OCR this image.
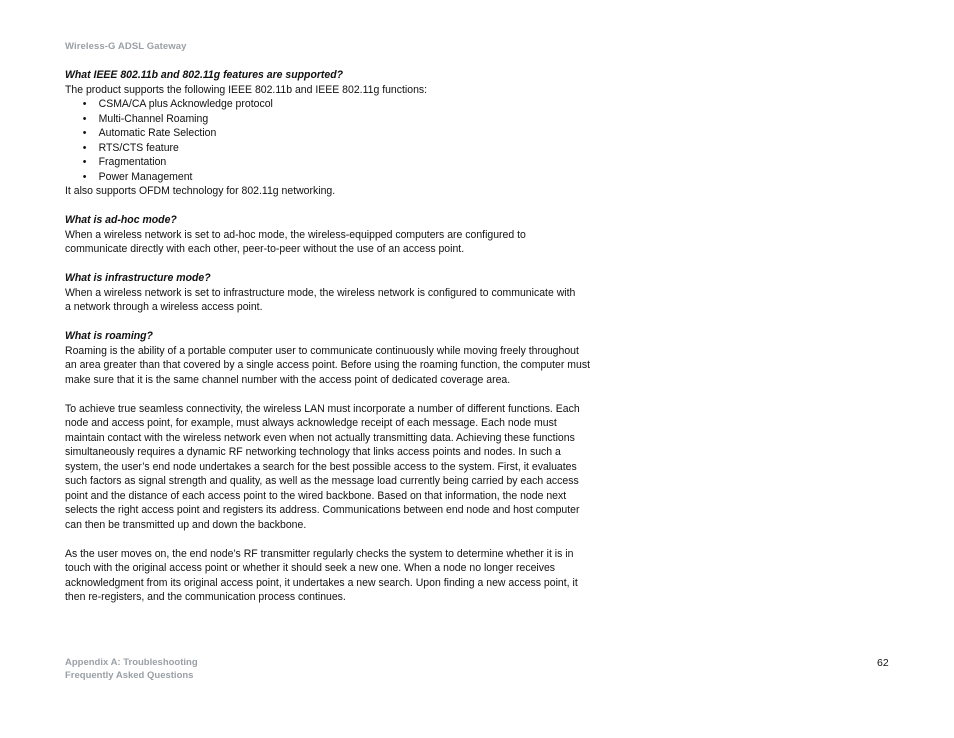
Wireless-G ADSL Gateway

What IEEE 802.11b and 802.11g features are supported?

The product supports the following IEEE 802.11b and IEEE 802.11g functions:

• CSMA/CA plus Acknowledge protocol
• Multi-Channel Roaming
• Automatic Rate Selection
• RTS/CTS feature
• Fragmentation
• Power Management

It also supports OFDM technology for 802.11g networking.

What is ad-hoc mode?

When a wireless network is set to ad-hoc mode, the wireless-equipped computers are configured to

communicate directly with each other, peer-to-peer without the use of an access point.

What is infrastructure mode?

When a wireless network is set to infrastructure mode, the wireless network is configured to communicate with

a network through a wireless access point.

What is roaming?

Roaming is the ability of a portable computer user to communicate continuously while moving freely throughout

an area greater than that covered by a single access point. Before using the roaming function, the computer must

make sure that it is the same channel number with the access point of dedicated coverage area.

To achieve true seamless connectivity, the wireless LAN must incorporate a number of different functions. Each

node and access point, for example, must always acknowledge receipt of each message. Each node must

maintain contact with the wireless network even when not actually transmitting data. Achieving these functions

simultaneously requires a dynamic RF networking technology that links access points and nodes. In such a

system, the user’s end node undertakes a search for the best possible access to the system. First, it evaluates

such factors as signal strength and quality, as well as the message load currently being carried by each access

point and the distance of each access point to the wired backbone. Based on that information, the node next

selects the right access point and registers its address. Communications between end node and host computer

can then be transmitted up and down the backbone.

As the user moves on, the end node’s RF transmitter regularly checks the system to determine whether it is in

touch with the original access point or whether it should seek a new one. When a node no longer receives

acknowledgment from its original access point, it undertakes a new search. Upon finding a new access point, it

then re-registers, and the communication process continues.

Appendix A: Troubleshooting
Frequently Asked Questions
62
